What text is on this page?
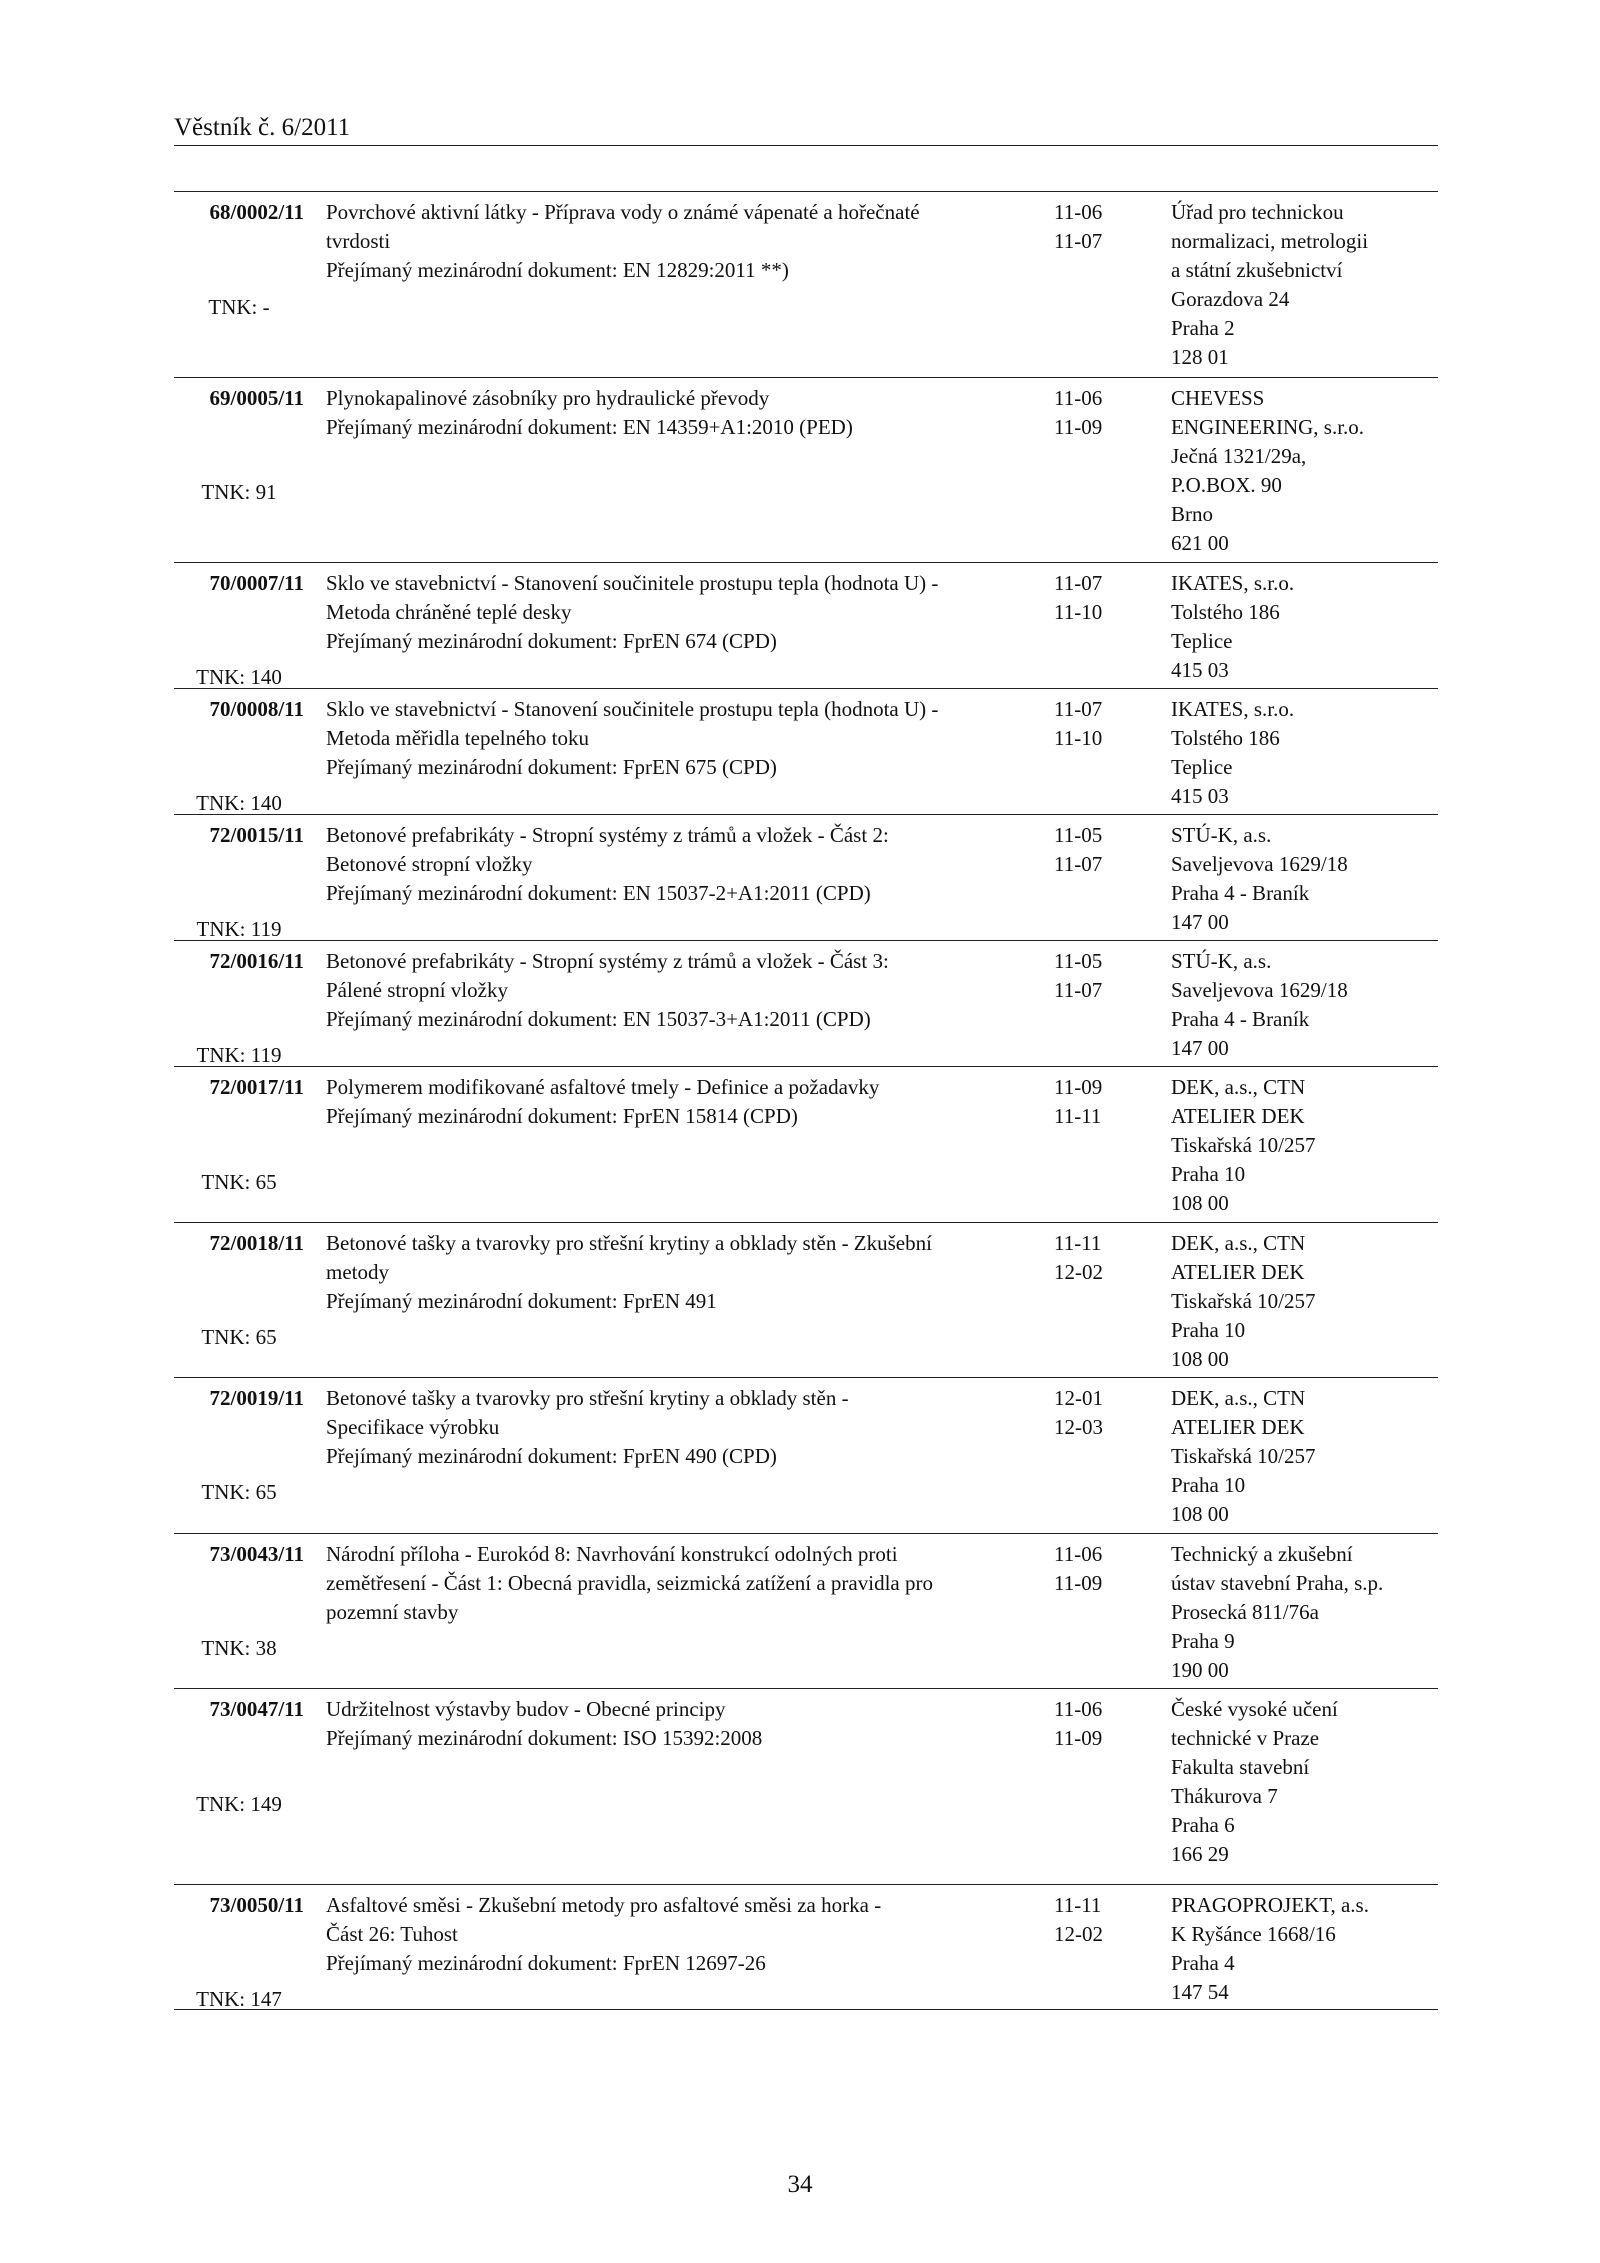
Věstník č. 6/2011
68/0002/11
TNK: -
Povrchové aktivní látky - Příprava vody o známé vápenaté a hořečnaté
tvrdosti
Přejímaný mezinárodní dokument: EN 12829:2011 **)
11-06
11-07
Úřad pro technickou
normalizaci, metrologii
a státní zkušebnictví
Gorazdova 24
Praha 2
128 01
69/0005/11
TNK: 91
Plynokapalinové zásobníky pro hydraulické převody
Přejímaný mezinárodní dokument: EN 14359+A1:2010 (PED)
11-06
11-09
CHEVESS
ENGINEERING, s.r.o.
Ječná 1321/29a,
P.O.BOX. 90
Brno
621 00
70/0007/11
TNK: 140
Sklo ve stavebnictví - Stanovení součinitele prostupu tepla (hodnota U) -
Metoda chráněné teplé desky
Přejímaný mezinárodní dokument: FprEN 674 (CPD)
11-07
11-10
IKATES, s.r.o.
Tolstého 186
Teplice
415 03
70/0008/11
TNK: 140
Sklo ve stavebnictví - Stanovení součinitele prostupu tepla (hodnota U) -
Metoda měřidla tepelného toku
Přejímaný mezinárodní dokument: FprEN 675 (CPD)
11-07
11-10
IKATES, s.r.o.
Tolstého 186
Teplice
415 03
72/0015/11
TNK: 119
Betonové prefabrikáty - Stropní systémy z trámů a vložek - Část 2:
Betonové stropní vložky
Přejímaný mezinárodní dokument: EN 15037-2+A1:2011 (CPD)
11-05
11-07
STÚ-K, a.s.
Saveljevova 1629/18
Praha 4 - Braník
147 00
72/0016/11
TNK: 119
Betonové prefabrikáty - Stropní systémy z trámů a vložek - Část 3:
Pálené stropní vložky
Přejímaný mezinárodní dokument: EN 15037-3+A1:2011 (CPD)
11-05
11-07
STÚ-K, a.s.
Saveljevova 1629/18
Praha 4 - Braník
147 00
72/0017/11
TNK: 65
Polymerem modifikované asfaltové tmely - Definice a požadavky
Přejímaný mezinárodní dokument: FprEN 15814 (CPD)
11-09
11-11
DEK, a.s., CTN
ATELIER DEK
Tiskařská 10/257
Praha 10
108 00
72/0018/11
TNK: 65
Betonové tašky a tvarovky pro střešní krytiny a obklady stěn - Zkušební
metody
Přejímaný mezinárodní dokument: FprEN 491
11-11
12-02
DEK, a.s., CTN
ATELIER DEK
Tiskařská 10/257
Praha 10
108 00
72/0019/11
TNK: 65
Betonové tašky a tvarovky pro střešní krytiny a obklady stěn -
Specifikace výrobku
Přejímaný mezinárodní dokument: FprEN 490 (CPD)
12-01
12-03
DEK, a.s., CTN
ATELIER DEK
Tiskařská 10/257
Praha 10
108 00
73/0043/11
TNK: 38
Národní příloha - Eurokód 8: Navrhování konstrukcí odolných proti
zemětřesení - Část 1: Obecná pravidla, seizmická zatížení a pravidla pro
pozemní stavby
11-06
11-09
Technický a zkušební
ústav stavební Praha, s.p.
Prosecká 811/76a
Praha 9
190 00
73/0047/11
TNK: 149
Udržitelnost výstavby budov - Obecné principy
Přejímaný mezinárodní dokument: ISO 15392:2008
11-06
11-09
České vysoké učení
technické v Praze
Fakulta stavební
Thákurova 7
Praha 6
166 29
73/0050/11
TNK: 147
Asfaltové směsi - Zkušební metody pro asfaltové směsi za horka -
Část 26: Tuhost
Přejímaný mezinárodní dokument: FprEN 12697-26
11-11
12-02
PRAGOPROJEKT, a.s.
K Ryšánce 1668/16
Praha 4
147 54
34
